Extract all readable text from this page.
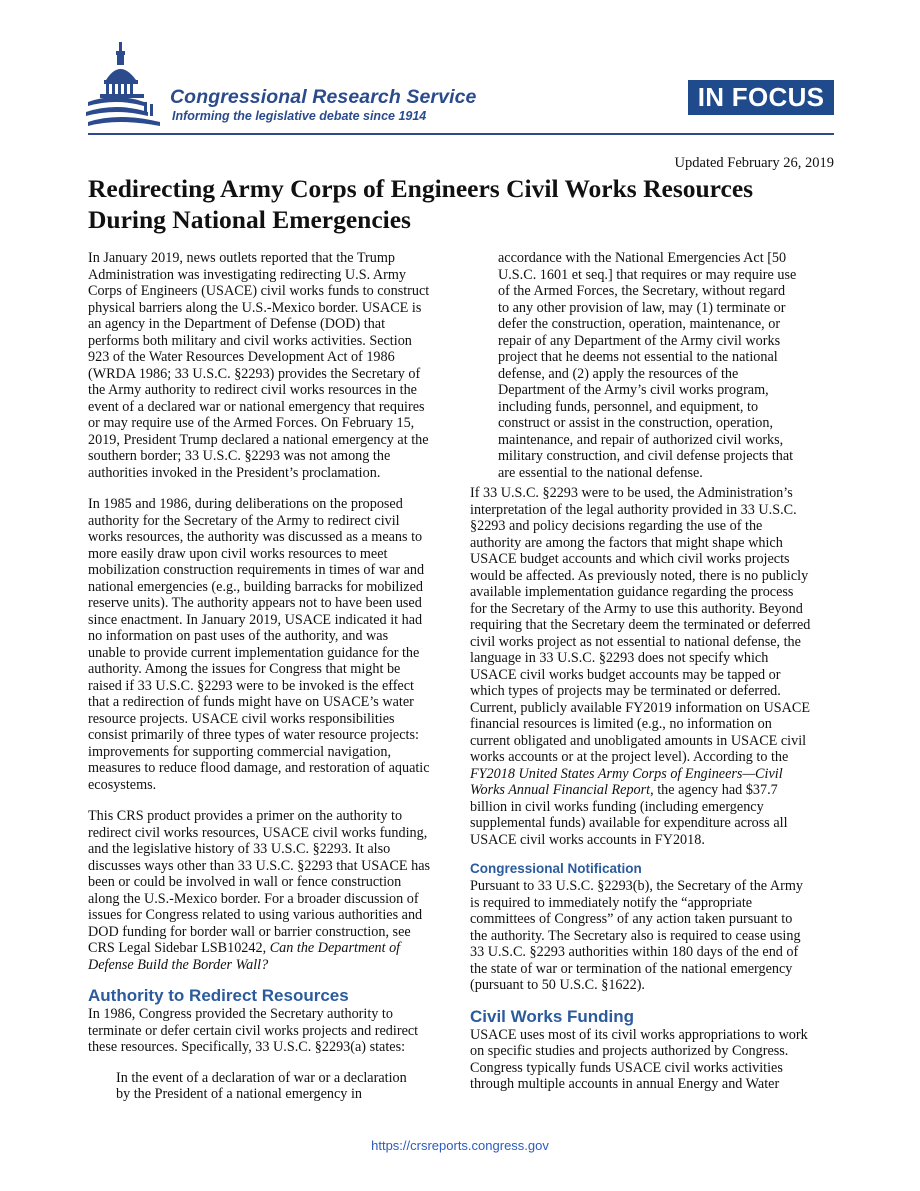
Congressional Research Service
Informing the legislative debate since 1914
IN FOCUS
Updated February 26, 2019
Redirecting Army Corps of Engineers Civil Works Resources
During National Emergencies
In January 2019, news outlets reported that the Trump
Administration was investigating redirecting U.S. Army
Corps of Engineers (USACE) civil works funds to construct
physical barriers along the U.S.-Mexico border. USACE is
an agency in the Department of Defense (DOD) that
performs both military and civil works activities. Section
923 of the Water Resources Development Act of 1986
(WRDA 1986; 33 U.S.C. §2293) provides the Secretary of
the Army authority to redirect civil works resources in the
event of a declared war or national emergency that requires
or may require use of the Armed Forces. On February 15,
2019, President Trump declared a national emergency at the
southern border; 33 U.S.C. §2293 was not among the
authorities invoked in the President’s proclamation.
In 1985 and 1986, during deliberations on the proposed
authority for the Secretary of the Army to redirect civil
works resources, the authority was discussed as a means to
more easily draw upon civil works resources to meet
mobilization construction requirements in times of war and
national emergencies (e.g., building barracks for mobilized
reserve units). The authority appears not to have been used
since enactment. In January 2019, USACE indicated it had
no information on past uses of the authority, and was
unable to provide current implementation guidance for the
authority. Among the issues for Congress that might be
raised if 33 U.S.C. §2293 were to be invoked is the effect
that a redirection of funds might have on USACE’s water
resource projects. USACE civil works responsibilities
consist primarily of three types of water resource projects:
improvements for supporting commercial navigation,
measures to reduce flood damage, and restoration of aquatic
ecosystems.
This CRS product provides a primer on the authority to
redirect civil works resources, USACE civil works funding,
and the legislative history of 33 U.S.C. §2293. It also
discusses ways other than 33 U.S.C. §2293 that USACE has
been or could be involved in wall or fence construction
along the U.S.-Mexico border. For a broader discussion of
issues for Congress related to using various authorities and
DOD funding for border wall or barrier construction, see
CRS Legal Sidebar LSB10242, Can the Department of
Defense Build the Border Wall?
Authority to Redirect Resources
In 1986, Congress provided the Secretary authority to
terminate or defer certain civil works projects and redirect
these resources. Specifically, 33 U.S.C. §2293(a) states:
In the event of a declaration of war or a declaration
by the President of a national emergency in
accordance with the National Emergencies Act [50
U.S.C. 1601 et seq.] that requires or may require use
of the Armed Forces, the Secretary, without regard
to any other provision of law, may (1) terminate or
defer the construction, operation, maintenance, or
repair of any Department of the Army civil works
project that he deems not essential to the national
defense, and (2) apply the resources of the
Department of the Army’s civil works program,
including funds, personnel, and equipment, to
construct or assist in the construction, operation,
maintenance, and repair of authorized civil works,
military construction, and civil defense projects that
are essential to the national defense.
If 33 U.S.C. §2293 were to be used, the Administration’s
interpretation of the legal authority provided in 33 U.S.C.
§2293 and policy decisions regarding the use of the
authority are among the factors that might shape which
USACE budget accounts and which civil works projects
would be affected. As previously noted, there is no publicly
available implementation guidance regarding the process
for the Secretary of the Army to use this authority. Beyond
requiring that the Secretary deem the terminated or deferred
civil works project as not essential to national defense, the
language in 33 U.S.C. §2293 does not specify which
USACE civil works budget accounts may be tapped or
which types of projects may be terminated or deferred.
Current, publicly available FY2019 information on USACE
financial resources is limited (e.g., no information on
current obligated and unobligated amounts in USACE civil
works accounts or at the project level). According to the
FY2018 United States Army Corps of Engineers—Civil
Works Annual Financial Report, the agency had $37.7
billion in civil works funding (including emergency
supplemental funds) available for expenditure across all
USACE civil works accounts in FY2018.
Congressional Notification
Pursuant to 33 U.S.C. §2293(b), the Secretary of the Army
is required to immediately notify the “appropriate
committees of Congress” of any action taken pursuant to
the authority. The Secretary also is required to cease using
33 U.S.C. §2293 authorities within 180 days of the end of
the state of war or termination of the national emergency
(pursuant to 50 U.S.C. §1622).
Civil Works Funding
USACE uses most of its civil works appropriations to work
on specific studies and projects authorized by Congress.
Congress typically funds USACE civil works activities
through multiple accounts in annual Energy and Water
https://crsreports.congress.gov
